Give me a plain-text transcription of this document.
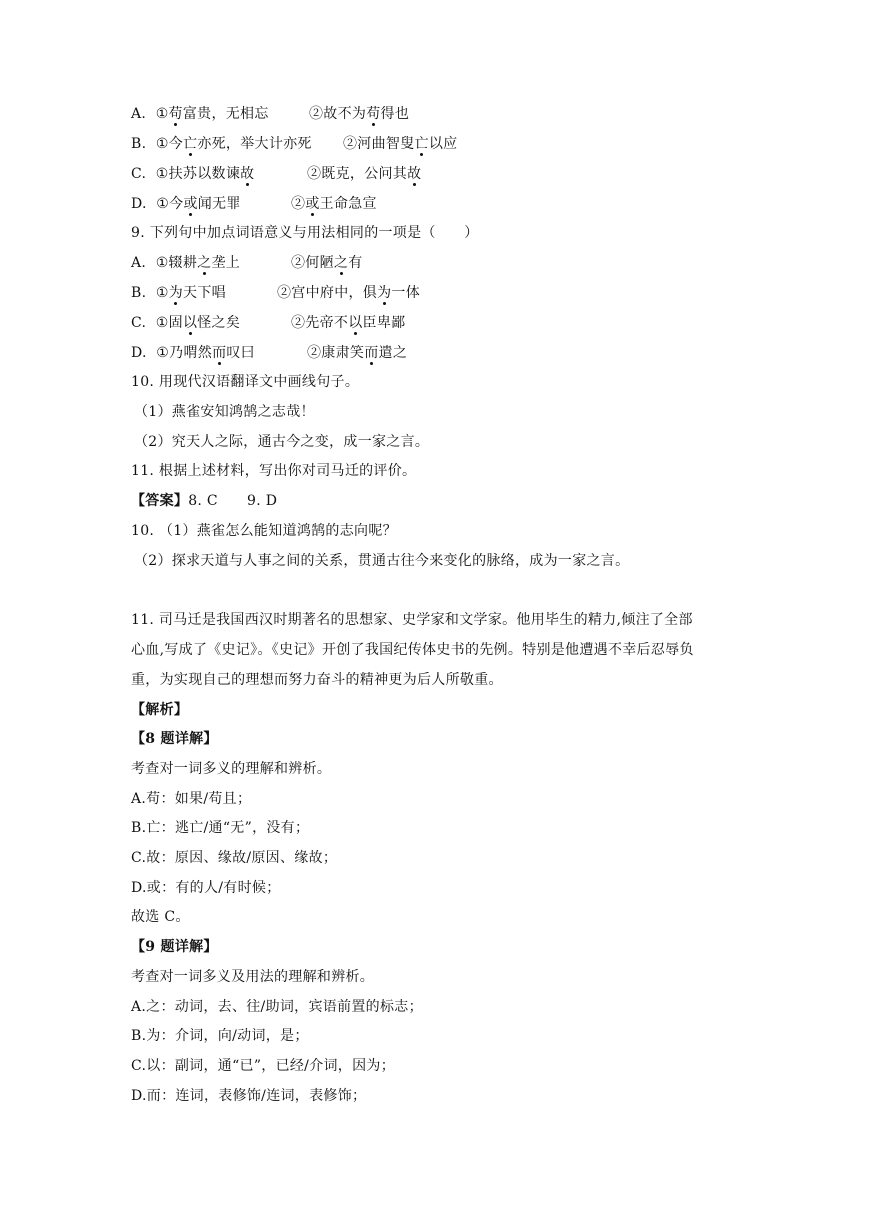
A. ①苟富贵，无相忘	②故不为苟得也
B. ①今亡亦死，举大计亦死 ②河曲智叟亡以应
C. ①扶苏以数谏故	②既克，公问其故
D. ①今或闻无罪	②或王命急宣
9. 下列句中加点词语意义与用法相同的一项是（　　）
A. ①辍耕之垄上	②何陋之有
B. ①为天下唱	②宫中府中，俱为一体
C. ①固以怪之矣	②先帝不以臣卑鄙
D. ①乃喟然而叹曰	②康肃笑而遣之
10. 用现代汉语翻译文中画线句子。
（1）燕雀安知鸿鹄之志哉！
（2）究天人之际，通古今之变，成一家之言。
11. 根据上述材料，写出你对司马迁的评价。
【答案】8. C 9. D
10. （1）燕雀怎么能知道鸿鹄的志向呢？
（2）探求天道与人事之间的关系，贯通古往今来变化的脉络，成为一家之言。
11. 司马迁是我国西汉时期著名的思想家、史学家和文学家。他用毕生的精力,倾注了全部
心血,写成了《史记》。《史记》开创了我国纪传体史书的先例。特别是他遭遇不幸后忍辱负
重，为实现自己的理想而努力奋斗的精神更为后人所敬重。
【解析】
【8 题详解】
考查对一词多义的理解和辨析。
A.苟：如果/苟且；
B.亡：逃亡/通“无”，没有；
C.故：原因、缘故/原因、缘故；
D.或：有的人/有时候；
故选 C。
【9 题详解】
考查对一词多义及用法的理解和辨析。
A.之：动词，去、往/助词，宾语前置的标志；
B.为：介词，向/动词，是；
C.以：副词，通“已”，已经/介词，因为；
D.而：连词，表修饰/连词，表修饰；
